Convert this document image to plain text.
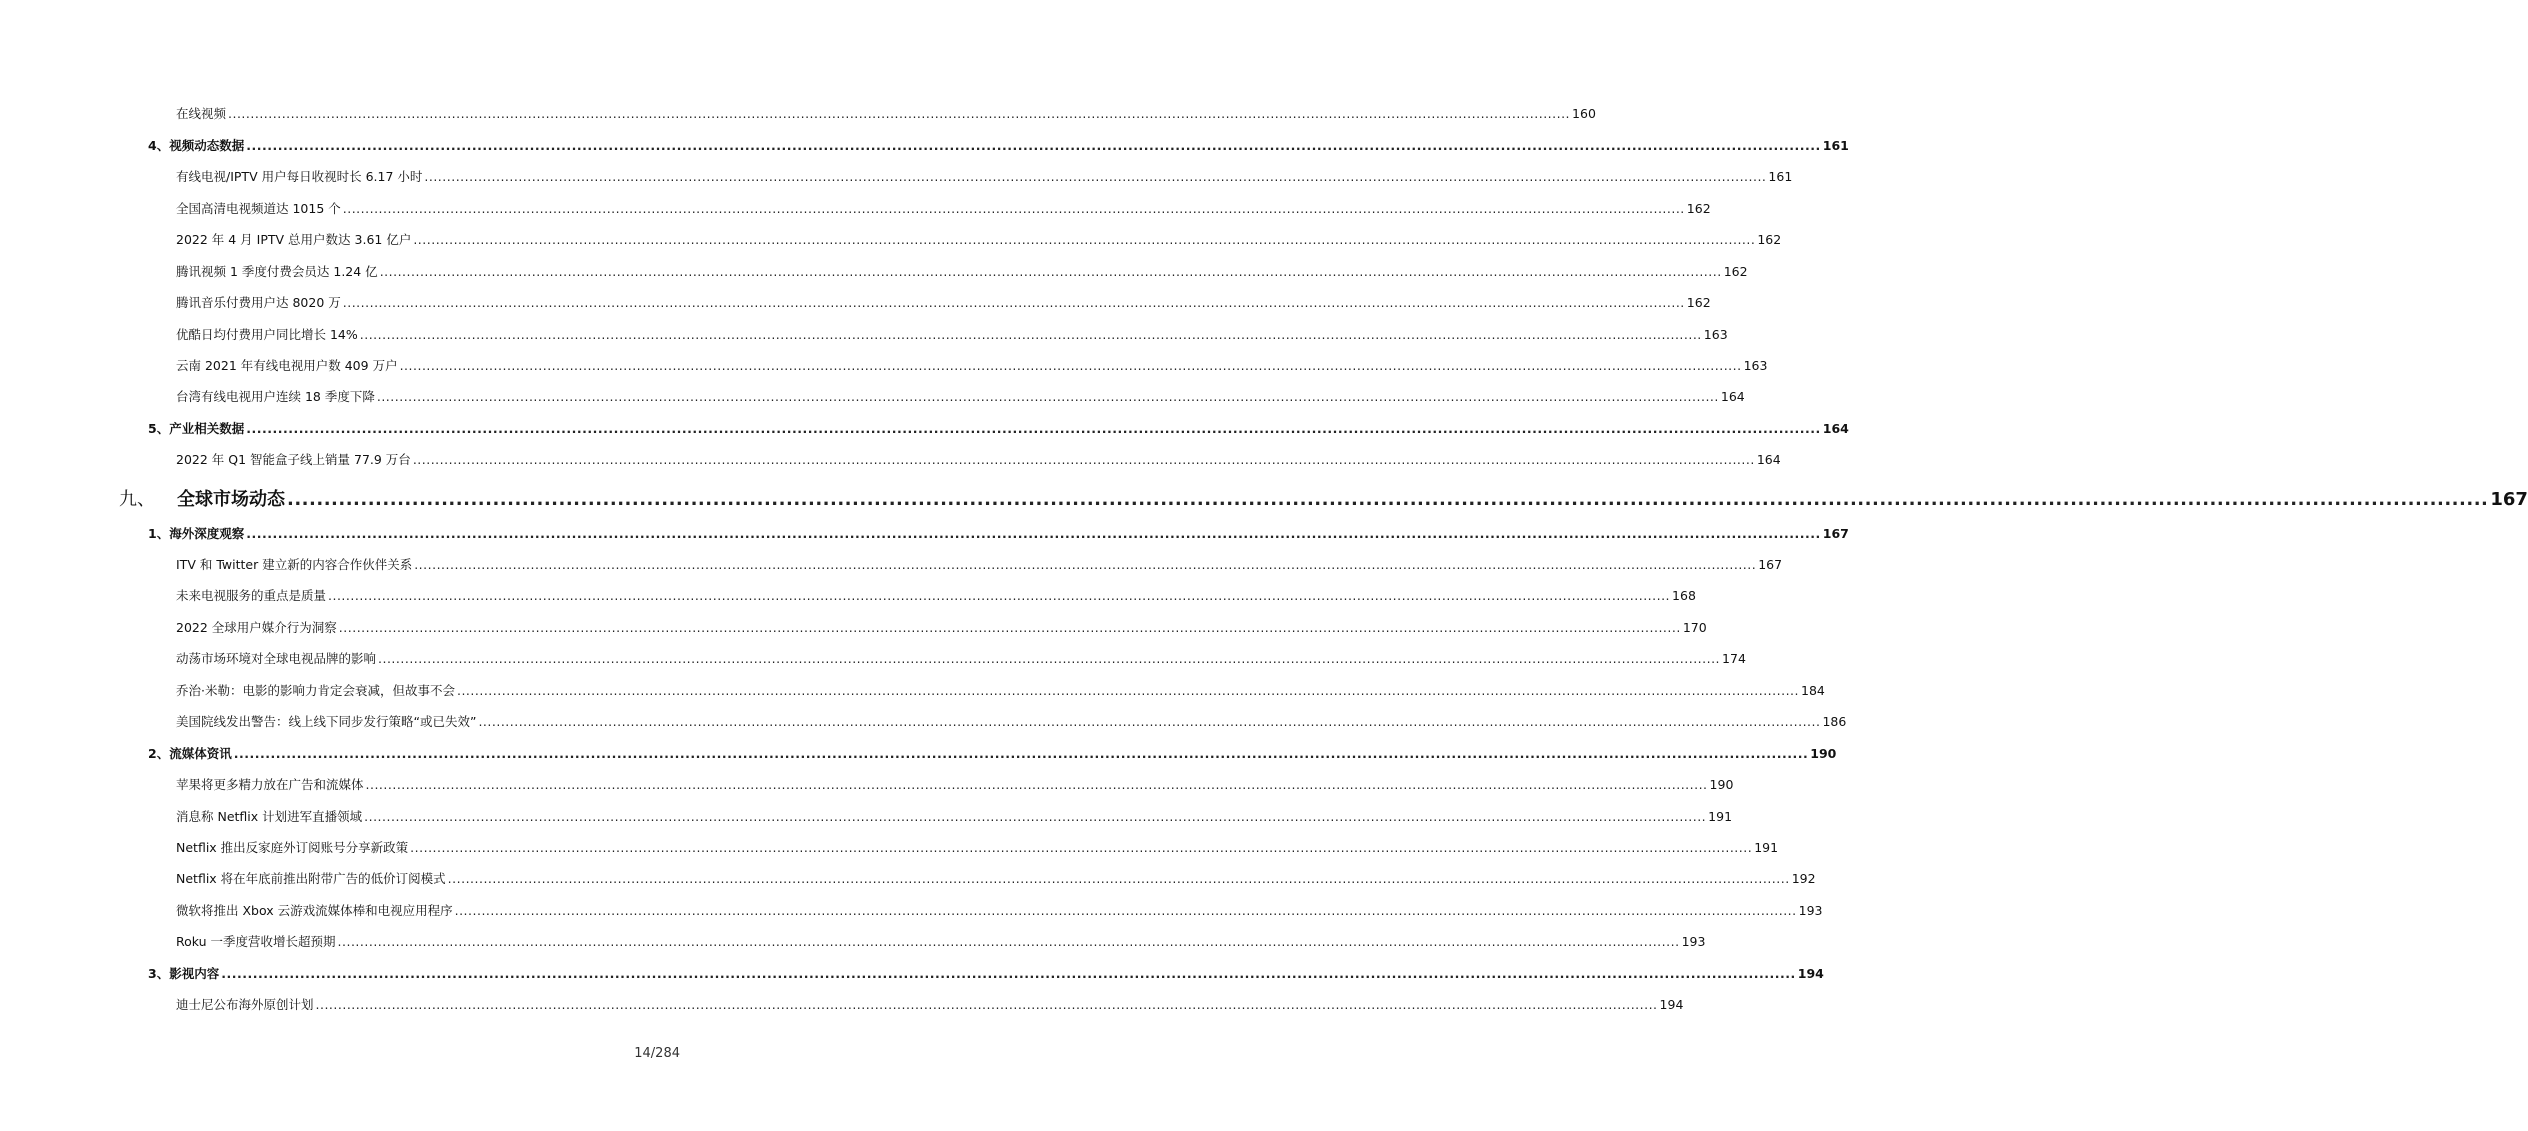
在线视频 ............................................................................................................................................................................................................................................................................................................ 160
4、视频动态数据 ............................................................................................................................................................................................................................................................................................................ 161
有线电视/IPTV 用户每日收视时长 6.17 小时 ............................................................................................................................................................................................................................................................................................................ 161
全国高清电视频道达 1015 个 ............................................................................................................................................................................................................................................................................................................ 162
2022 年 4 月 IPTV 总用户数达 3.61 亿户 ............................................................................................................................................................................................................................................................................................................ 162
腾讯视频 1 季度付费会员达 1.24 亿 ............................................................................................................................................................................................................................................................................................................ 162
腾讯音乐付费用户达 8020 万 ............................................................................................................................................................................................................................................................................................................ 162
优酷日均付费用户同比增长 14% ............................................................................................................................................................................................................................................................................................................ 163
云南 2021 年有线电视用户数 409 万户 ............................................................................................................................................................................................................................................................................................................ 163
台湾有线电视用户连续 18 季度下降 ............................................................................................................................................................................................................................................................................................................ 164
5、产业相关数据 ............................................................................................................................................................................................................................................................................................................ 164
2022 年 Q1 智能盒子线上销量 77.9 万台 ............................................................................................................................................................................................................................................................................................................ 164
九、 全球市场动态 ............................................................................................................................................................................................................................................................................................................ 167
1、海外深度观察 ............................................................................................................................................................................................................................................................................................................ 167
ITV 和 Twitter 建立新的内容合作伙伴关系 ............................................................................................................................................................................................................................................................................................................ 167
未来电视服务的重点是质量 ............................................................................................................................................................................................................................................................................................................ 168
2022 全球用户媒介行为洞察 ............................................................................................................................................................................................................................................................................................................ 170
动荡市场环境对全球电视品牌的影响 ............................................................................................................................................................................................................................................................................................................ 174
乔治·米勒：电影的影响力肯定会衰减，但故事不会 ............................................................................................................................................................................................................................................................................................................ 184
美国院线发出警告：线上线下同步发行策略“或已失效” ............................................................................................................................................................................................................................................................................................................ 186
2、流媒体资讯 ............................................................................................................................................................................................................................................................................................................ 190
苹果将更多精力放在广告和流媒体 ............................................................................................................................................................................................................................................................................................................ 190
消息称 Netflix 计划进军直播领域 ............................................................................................................................................................................................................................................................................................................ 191
Netflix 推出反家庭外订阅账号分享新政策 ............................................................................................................................................................................................................................................................................................................ 191
Netflix 将在年底前推出附带广告的低价订阅模式 ............................................................................................................................................................................................................................................................................................................ 192
微软将推出 Xbox 云游戏流媒体棒和电视应用程序 ............................................................................................................................................................................................................................................................................................................ 193
Roku 一季度营收增长超预期 ............................................................................................................................................................................................................................................................................................................ 193
3、影视内容 ............................................................................................................................................................................................................................................................................................................ 194
迪士尼公布海外原创计划 ............................................................................................................................................................................................................................................................................................................ 194
14/284
